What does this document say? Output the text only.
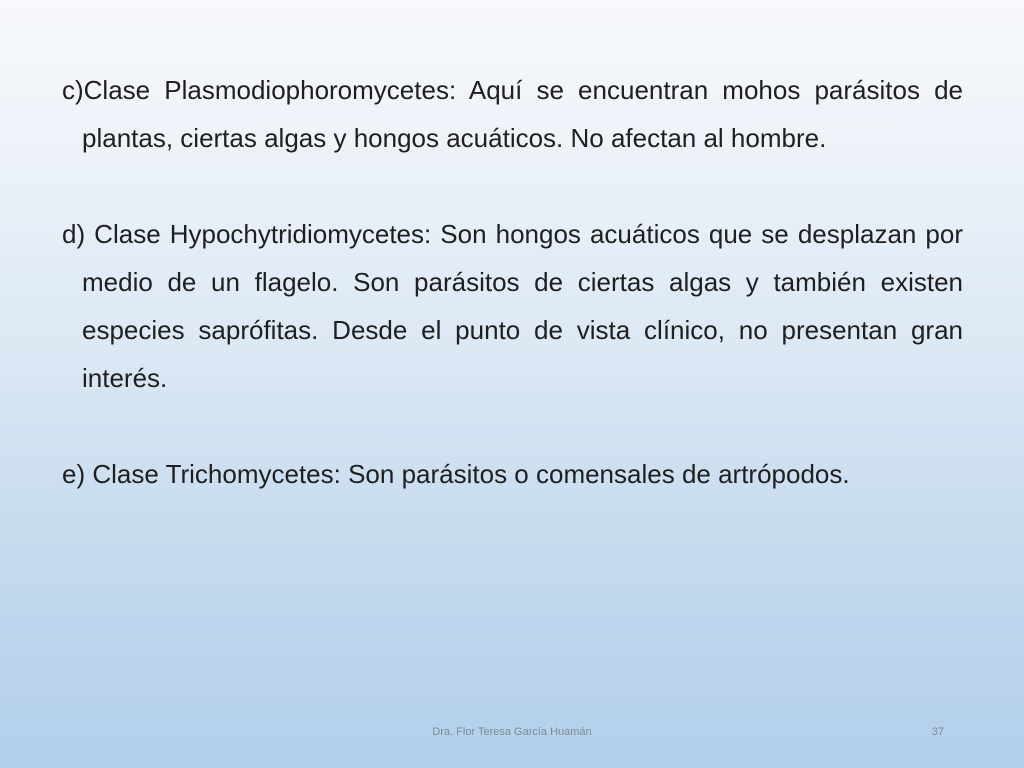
c)Clase Plasmodiophoromycetes: Aquí se encuentran mohos parásitos de plantas, ciertas algas y hongos acuáticos. No afectan al hombre.

d) Clase Hypochytridiomycetes: Son hongos acuáticos que se desplazan por medio de un flagelo. Son parásitos de ciertas algas y también existen especies saprófitas. Desde el punto de vista clínico, no presentan gran interés.

e) Clase Trichomycetes: Son parásitos o comensales de artrópodos.

Dra. Flor Teresa García Huamán	37
